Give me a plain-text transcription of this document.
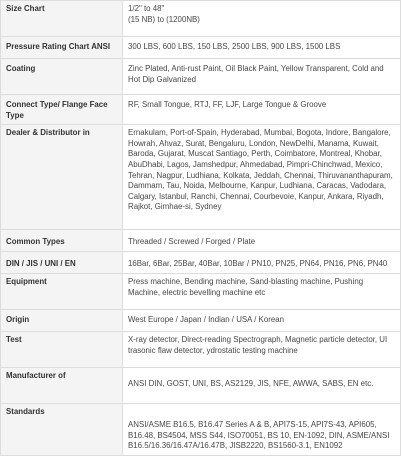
Size Chart	1/2" to 48"
(15 NB) to (1200NB)

Pressure Rating Chart ANSI	300 LBS, 600 LBS, 150 LBS, 2500 LBS, 900 LBS, 1500 LBS

Coating	Zinc Plated, Anti-rust Paint, Oil Black Paint, Yellow Transparent, Cold and Hot Dip Galvanized

Connect Type/ Flange Face Type	RF, Small Tongue, RTJ, FF, LJF, Large Tongue & Groove

Dealer & Distributor in	Ernakulam, Port-of-Spain, Hyderabad, Mumbai, Bogota, Indore, Bangalore, Howrah, Ahvaz, Surat, Bengaluru, London, NewDelhi, Manama, Kuwait, Baroda, Gujarat, Muscat Santiago, Perth, Coimbatore, Montreal, Khobar, AbuDhabi, Lagos, Jamshedpur, Ahmedabad, Pimpri-Chinchwad, Mexico, Tehran, Nagpur, Ludhiana, Kolkata, Jeddah, Chennai, Thiruvananthapuram, Dammam, Tau, Noida, Melbourne, Kanpur, Ludhiana, Caracas, Vadodara, Calgary, Istanbul, Ranchi, Chennai, Courbevoie, Kanpur, Ankara, Riyadh, Rajkot, Gimhae-si, Sydney

Common Types	Threaded / Screwed / Forged / Plate

DIN / JIS / UNI / EN	16Bar, 6Bar, 25Bar, 40Bar, 10Bar / PN10, PN25, PN64, PN16, PN6, PN40

Equipment	Press machine, Bending machine, Sand-blasting machine, Pushing Machine, electric bevelling machine etc

Origin	West Europe / Japan / Indian / USA / Korean

Test	X-ray detector, Direct-reading Spectrograph, Magnetic particle detector, UI trasonic flaw detector, ydrostatic testing machine

Manufacturer of	ANSI DIN, GOST, UNI, BS, AS2129, JIS, NFE, AWWA, SABS, EN etc.

Standards	ANSI/ASME B16.5, B16.47 Series A & B, API7S-15, API7S-43, API605, B16.48, BS4504, MSS S44, ISO70051, BS 10, EN-1092, DIN, ASME/ANSI B16.5/16.36/16.47A/16.47B, JISB2220, BS1560-3.1, EN1092
